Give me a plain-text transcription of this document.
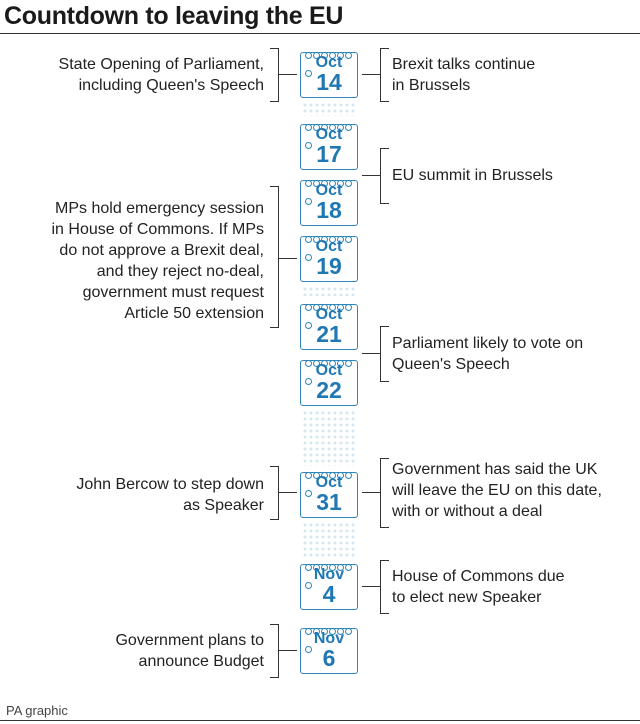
Countdown to leaving the EU
Oct
14
Oct
17
Oct
18
Oct
19
Oct
21
Oct
22
Oct
31
Nov
4
Nov
6
State Opening of Parliament,
including Queen's Speech
MPs hold emergency session
in House of Commons. If MPs
do not approve a Brexit deal,
and they reject no-deal,
government must request
Article 50 extension
John Bercow to step down
as Speaker
Government plans to
announce Budget
Brexit talks continue
in Brussels
EU summit in Brussels
Parliament likely to vote on
Queen's Speech
Government has said the UK
will leave the EU on this date,
with or without a deal
House of Commons due
to elect new Speaker
PA graphic
